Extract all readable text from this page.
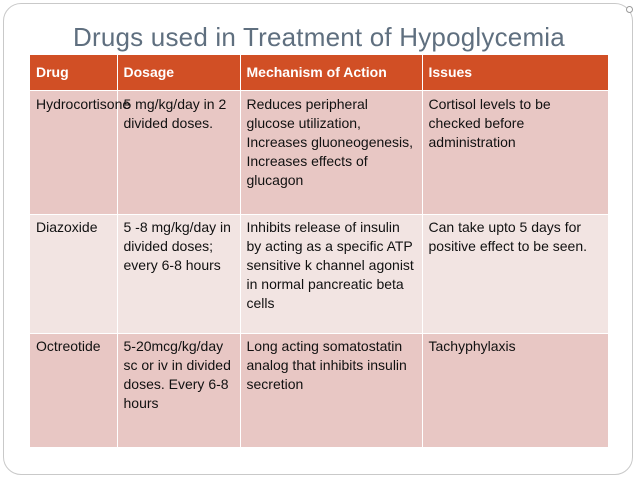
Drugs used in Treatment of Hypoglycemia
Drug	Dosage	Mechanism of Action	Issues
Hydrocortisone	5 mg/kg/day in 2 divided doses.	Reduces peripheral glucose utilization, Increases gluoneogenesis, Increases effects of glucagon	Cortisol levels to be checked before administration
Diazoxide	5 -8 mg/kg/day in divided doses; every 6-8 hours	Inhibits release of insulin by acting as a specific ATP sensitive k channel agonist in normal pancreatic beta cells	Can take upto 5 days for positive effect to be seen.
Octreotide	5-20mcg/kg/day sc or iv in divided doses. Every 6-8 hours	Long acting somatostatin analog that inhibits insulin secretion	Tachyphylaxis
